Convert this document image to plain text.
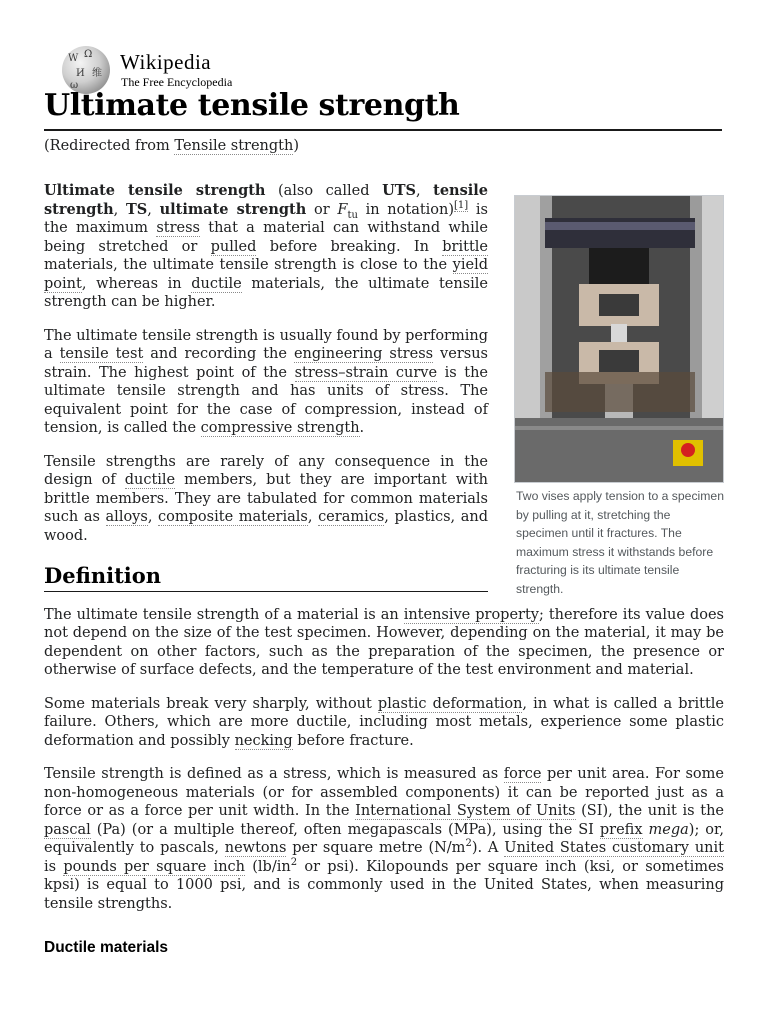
W Ω
维
И
ω
Wikipedia
The Free Encyclopedia
Ultimate tensile strength
(Redirected from Tensile strength)
Two vises apply tension to a specimen by pulling at it, stretching the specimen until it fractures. The maximum stress it withstands before fracturing is its ultimate tensile strength.

Ultimate tensile strength (also called UTS, tensile strength, TS, ultimate strength or $F_{tu}$ in notation)[1] is the maximum stress that a material can withstand while being stretched or pulled before breaking. In brittle materials, the ultimate tensile strength is close to the yield point, whereas in ductile materials, the ultimate tensile strength can be higher.

The ultimate tensile strength is usually found by performing a tensile test and recording the engineering stress versus strain. The highest point of the stress–strain curve is the ultimate tensile strength and has units of stress. The equivalent point for the case of compression, instead of tension, is called the compressive strength.

Tensile strengths are rarely of any consequence in the design of ductile members, but they are important with brittle members. They are tabulated for common materials such as alloys, composite materials, ceramics, plastics, and wood.

Definition

The ultimate tensile strength of a material is an intensive property; therefore its value does not depend on the size of the test specimen. However, depending on the material, it may be dependent on other factors, such as the preparation of the specimen, the presence or otherwise of surface defects, and the temperature of the test environment and material.

Some materials break very sharply, without plastic deformation, in what is called a brittle failure. Others, which are more ductile, including most metals, experience some plastic deformation and possibly necking before fracture.

Tensile strength is defined as a stress, which is measured as force per unit area. For some non-homogeneous materials (or for assembled components) it can be reported just as a force or as a force per unit width. In the International System of Units (SI), the unit is the pascal (Pa) (or a multiple thereof, often megapascals (MPa), using the SI prefix mega); or, equivalently to pascals, newtons per square metre $(N/m^2)$. A United States customary unit is pounds per square inch ($lb/in^2$ or psi). Kilopounds per square inch (ksi, or sometimes kpsi) is equal to 1000 psi, and is commonly used in the United States, when measuring tensile strengths.

Ductile materials
